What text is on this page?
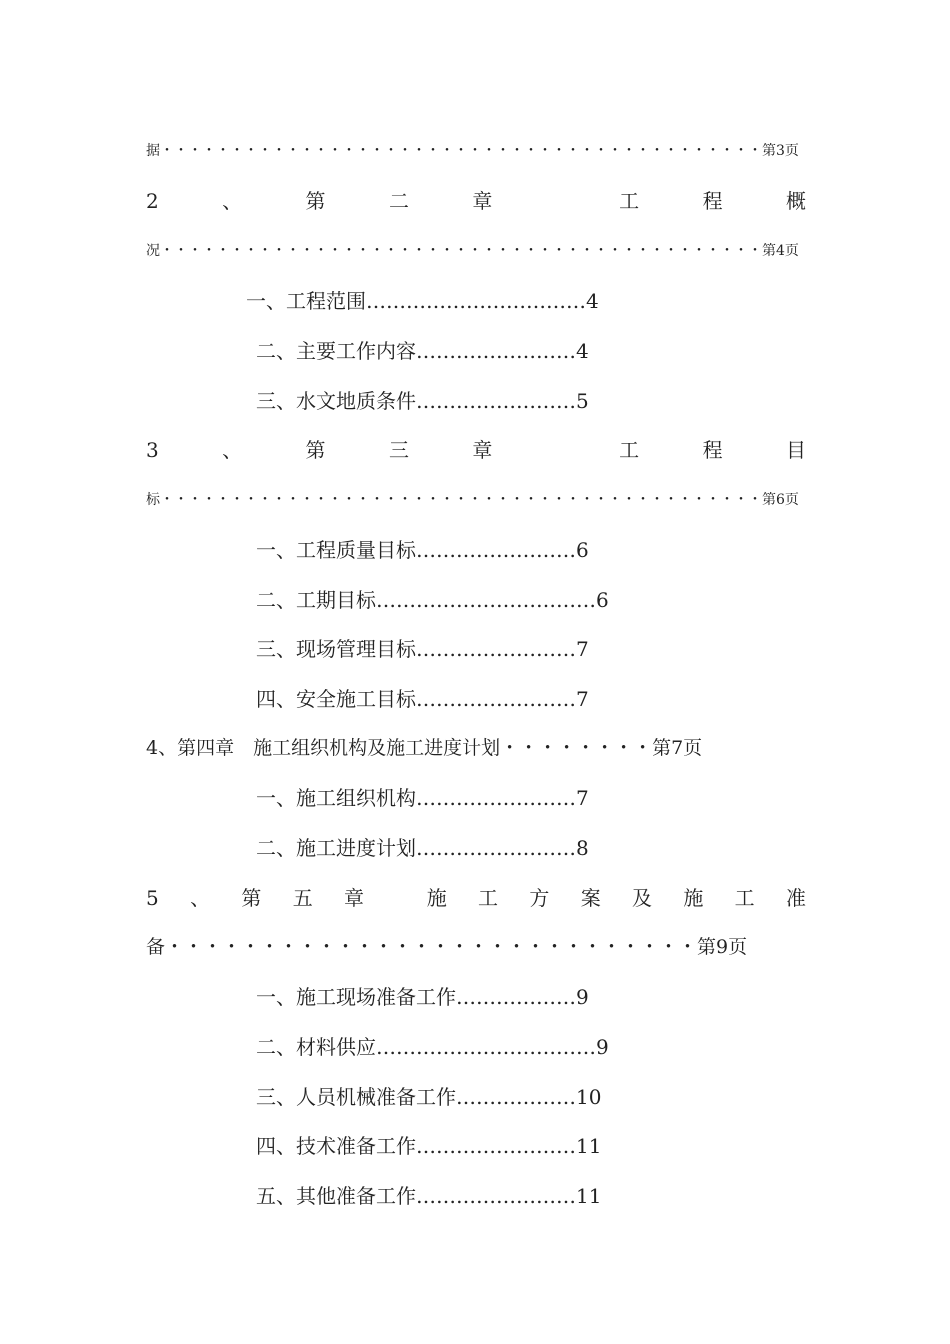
据・・・・・・・・・・・・・・・・・・・・・・・・・・・・・・・・・・・・・・・・・・・第3页
2	、	第	二	章	工	程	概
况・・・・・・・・・・・・・・・・・・・・・・・・・・・・・・・・・・・・・・・・・・・第4页
一、工程范围……………………………4
二、主要工作内容……………………4
三、水文地质条件……………………5
3	、	第	三	章	工	程	目
标・・・・・・・・・・・・・・・・・・・・・・・・・・・・・・・・・・・・・・・・・・・第6页
一、工程质量目标……………………6
二、工期目标……………………………6
三、现场管理目标……………………7
四、安全施工目标……………………7
4、第四章　施工组织机构及施工进度计划・・・・・・・・第7页
一、施工组织机构……………………7
二、施工进度计划……………………8
5 、 第 五 章	施 工 方 案 及 施 工 准
备・・・・・・・・・・・・・・・・・・・・・・・・・・・・第9页
一、施工现场准备工作………………9
二、材料供应……………………………9
三、人员机械准备工作………………10
四、技术准备工作……………………11
五、其他准备工作……………………11
